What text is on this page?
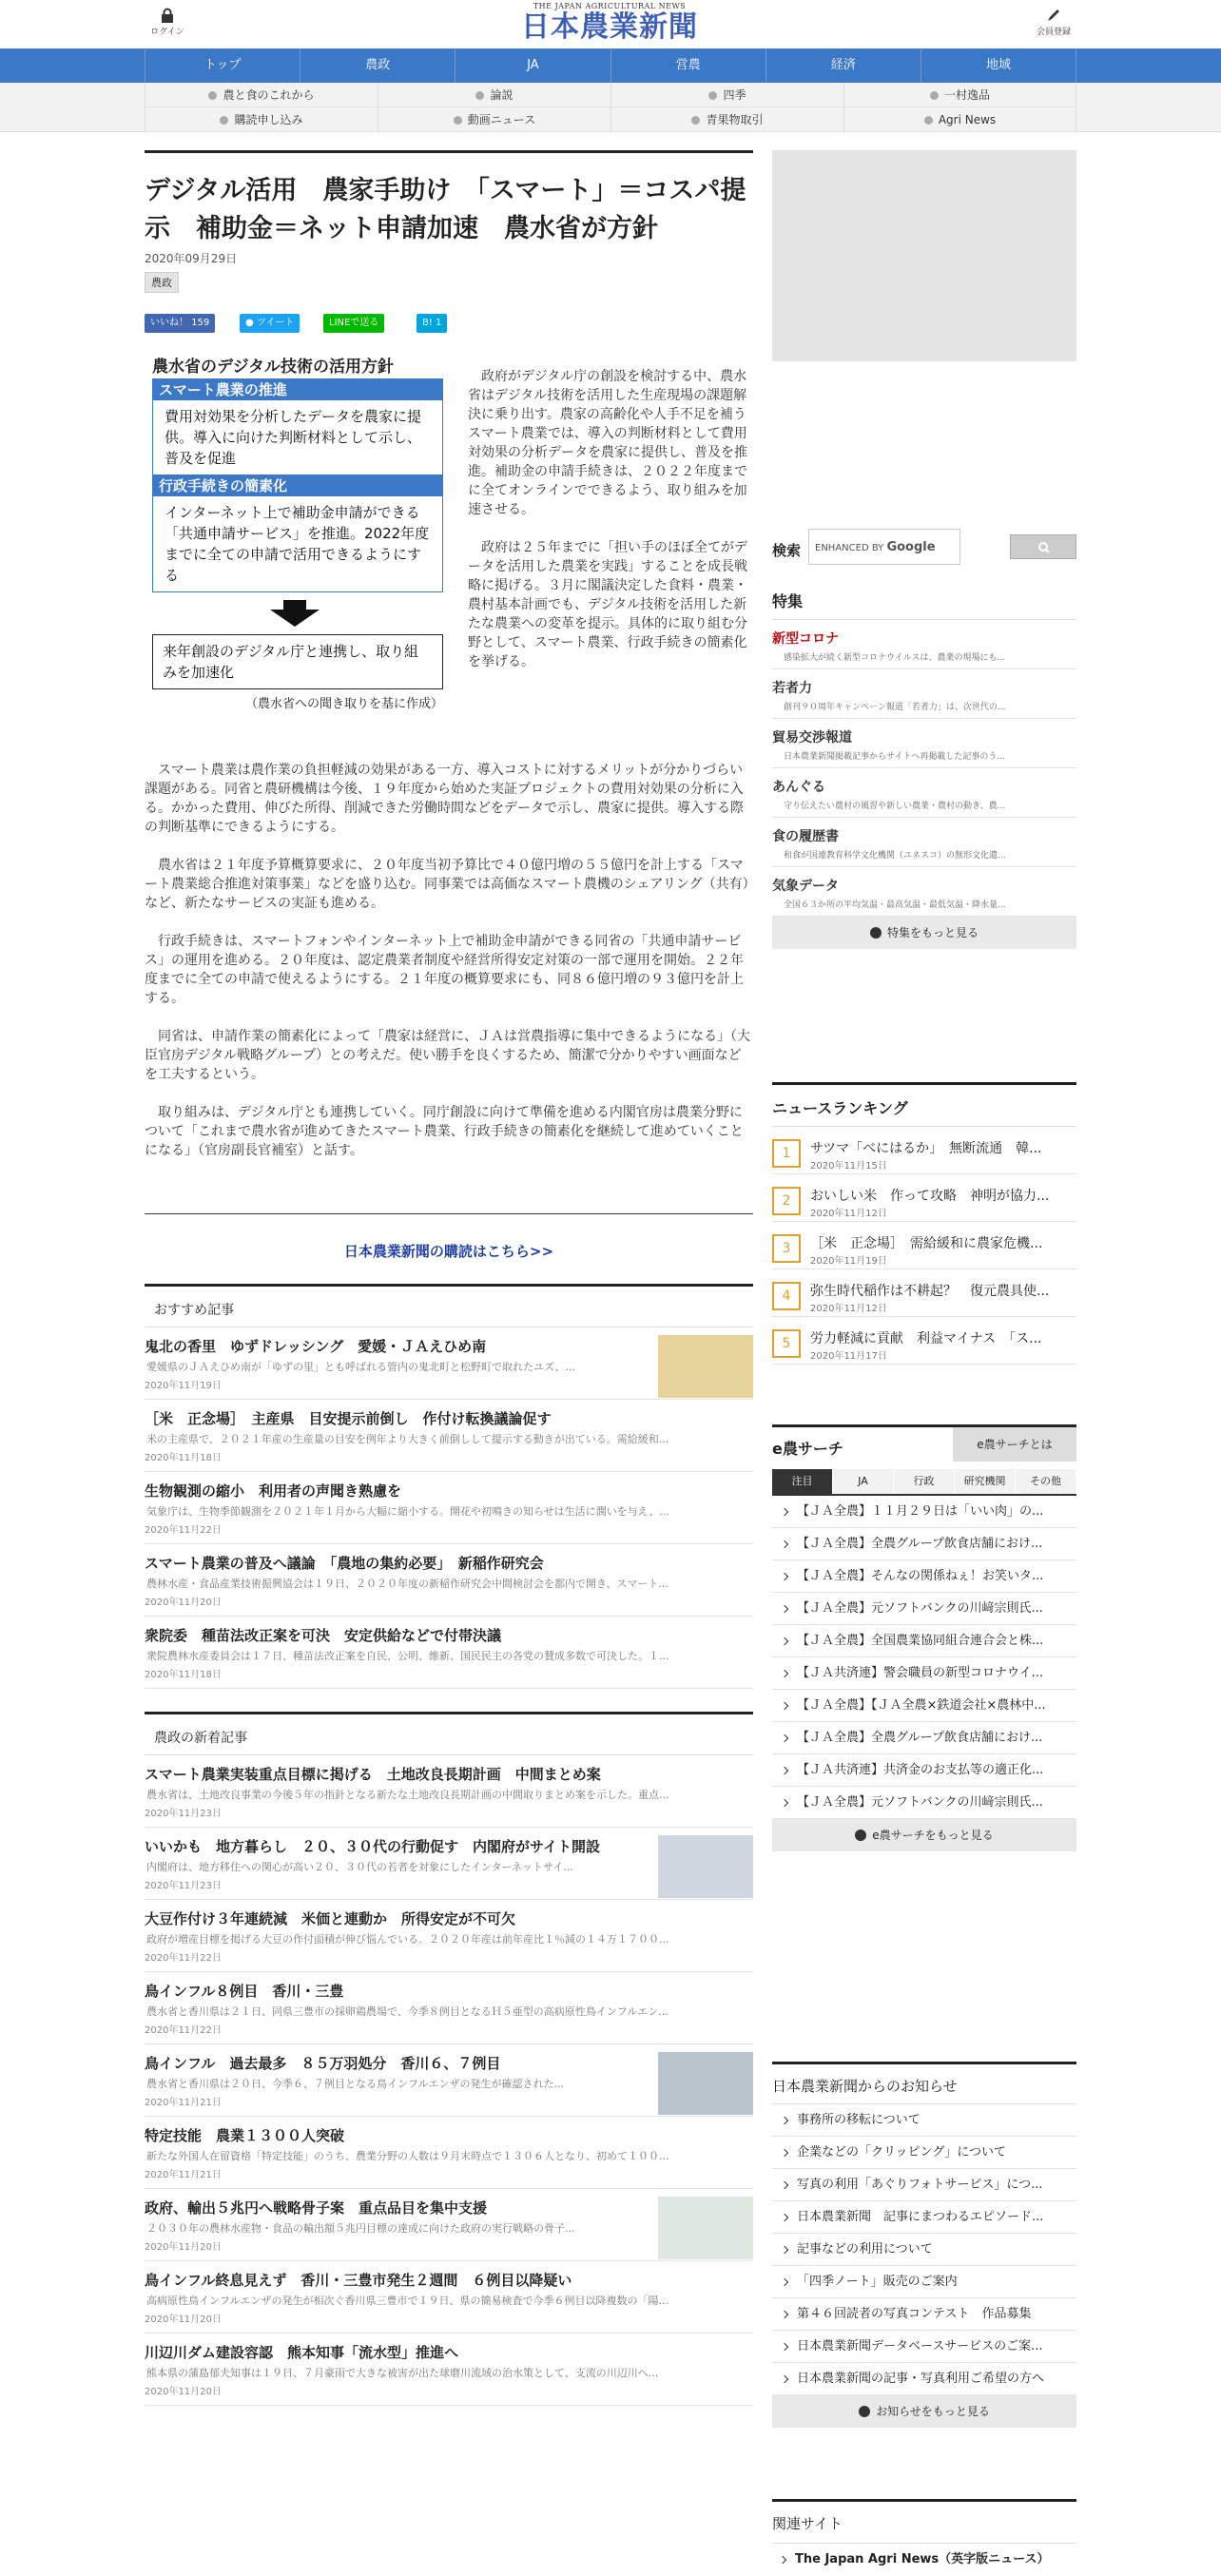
ログイン
THE JAPAN AGRICULTURAL NEWS
日本農業新聞	会員登録
トップ	農政	JA	営農	経済	地域
農と食のこれから	論説	四季	一村逸品
購読申し込み	動画ニュース	青果物取引	Agri News
デジタル活用　農家手助け　「スマート」＝コスパ提示　補助金＝ネット申請加速　農水省が方針
2020年09月29日
農政
いいね！ 159	● ツイート	LINEで送る	B! 1
農水省のデジタル技術の活用方針
スマート農業の推進
費用対効果を分析したデータを農家に提供。導入に向けた判断材料として示し、普及を促進
行政手続きの簡素化
インターネット上で補助金申請ができる「共通申請サービス」を推進。2022年度までに全ての申請で活用できるようにする
来年創設のデジタル庁と連携し、取り組みを加速化
（農水省への聞き取りを基に作成）

政府がデジタル庁の創設を検討する中、農水省はデジタル技術を活用した生産現場の課題解決に乗り出す。農家の高齢化や人手不足を補うスマート農業では、導入の判断材料として費用対効果の分析データを農家に提供し、普及を推進。補助金の申請手続きは、２０２２年度までに全てオンラインでできるよう、取り組みを加速させる。

政府は２５年までに「担い手のほぼ全てがデータを活用した農業を実践」することを成長戦略に掲げる。３月に閣議決定した食料・農業・農村基本計画でも、デジタル技術を活用した新たな農業への変革を提示。具体的に取り組む分野として、スマート農業、行政手続きの簡素化を挙げる。

スマート農業は農作業の負担軽減の効果がある一方、導入コストに対するメリットが分かりづらい課題がある。同省と農研機構は今後、１９年度から始めた実証プロジェクトの費用対効果の分析に入る。かかった費用、伸びた所得、削減できた労働時間などをデータで示し、農家に提供。導入する際の判断基準にできるようにする。

農水省は２１年度予算概算要求に、２０年度当初予算比で４０億円増の５５億円を計上する「スマート農業総合推進対策事業」などを盛り込む。同事業では高価なスマート農機のシェアリング（共有）など、新たなサービスの実証も進める。

行政手続きは、スマートフォンやインターネット上で補助金申請ができる同省の「共通申請サービス」の運用を進める。２０年度は、認定農業者制度や経営所得安定対策の一部で運用を開始。２２年度までに全ての申請で使えるようにする。２１年度の概算要求にも、同８６億円増の９３億円を計上する。

同省は、申請作業の簡素化によって「農家は経営に、ＪＡは営農指導に集中できるようになる」（大臣官房デジタル戦略グループ）との考えだ。使い勝手を良くするため、簡潔で分かりやすい画面などを工夫するという。

取り組みは、デジタル庁とも連携していく。同庁創設に向けて準備を進める内閣官房は農業分野について「これまで農水省が進めてきたスマート農業、行政手続きの簡素化を継続して進めていくことになる」（官房副長官補室）と話す。

日本農業新聞の購読はこちら>>
おすすめ記事
鬼北の香里　ゆずドレッシング　愛媛・ＪＡえひめ南
愛媛県のＪＡえひめ南が「ゆずの里」とも呼ばれる管内の鬼北町と松野町で取れたユズ、...
2020年11月19日
［米　正念場］　主産県　目安提示前倒し　作付け転換議論促す
米の主産県で、２０２１年産の生産量の目安を例年より大きく前倒しして提示する動きが出ている。需給緩和...
2020年11月18日
生物観測の縮小　利用者の声聞き熟慮を
気象庁は、生物季節観測を２０２１年１月から大幅に縮小する。開花や初鳴きの知らせは生活に潤いを与え、...
2020年11月22日
スマート農業の普及へ議論　「農地の集約必要」　新稲作研究会
農林水産・食品産業技術振興協会は１９日、２０２０年度の新稲作研究会中間検討会を都内で開き、スマート...
2020年11月20日
衆院委　種苗法改正案を可決　安定供給などで付帯決議
衆院農林水産委員会は１７日、種苗法改正案を自民、公明、維新、国民民主の各党の賛成多数で可決した。１...
2020年11月18日
農政の新着記事
スマート農業実装重点目標に掲げる　土地改良長期計画　中間まとめ案
農水省は、土地改良事業の今後５年の指針となる新たな土地改良長期計画の中間取りまとめ案を示した。重点...
2020年11月23日
いいかも　地方暮らし　２０、３０代の行動促す　内閣府がサイト開設
内閣府は、地方移住への関心が高い２０、３０代の若者を対象にしたインターネットサイ...
2020年11月23日
大豆作付け３年連続減　米価と連動か　所得安定が不可欠
政府が増産目標を掲げる大豆の作付面積が伸び悩んでいる。２０２０年産は前年産比１％減の１４万１７００...
2020年11月22日
鳥インフル８例目　香川・三豊
農水省と香川県は２１日、同県三豊市の採卵鶏農場で、今季８例目となるＨ５亜型の高病原性鳥インフルエン...
2020年11月22日
鳥インフル　過去最多　８５万羽処分　香川６、７例目
農水省と香川県は２０日、今季６、７例目となる鳥インフルエンザの発生が確認された...
2020年11月21日
特定技能　農業１３００人突破
新たな外国人在留資格「特定技能」のうち、農業分野の人数は９月末時点で１３０６人となり、初めて１００...
2020年11月21日
政府、輸出５兆円へ戦略骨子案　重点品目を集中支援
２０３０年の農林水産物・食品の輸出額５兆円目標の達成に向けた政府の実行戦略の骨子...
2020年11月20日
鳥インフル終息見えず　香川・三豊市発生２週間　６例目以降疑い
高病原性鳥インフルエンザの発生が相次ぐ香川県三豊市で１９日、県の簡易検査で今季６例目以降複数の「陽...
2020年11月20日
川辺川ダム建設容認　熊本知事「流水型」推進へ
熊本県の蒲島郁夫知事は１９日、７月豪雨で大きな被害が出た球磨川流域の治水策として、支流の川辺川へ...
2020年11月20日
検索	ENHANCED BY Google
特集
新型コロナ
感染拡大が続く新型コロナウイルスは、農業の現場にも...
若者力
創刊９０周年キャンペーン報道「若者力」は、次世代の...
貿易交渉報道
日本農業新聞掲載記事からサイトへ再掲載した記事のう...
あんぐる
守り伝えたい農村の風習や新しい農業・農村の動き、農...
食の履歴書
和食が国連教育科学文化機関（ユネスコ）の無形文化遺...
気象データ
全国６３か所の平均気温・最高気温・最低気温・降水量...
特集をもっと見る
ニュースランキング
1	サツマ「べにはるか」　無断流通　韓...
2020年11月15日
2	おいしい米　作って攻略　神明が協力...
2020年11月12日
3	［米　正念場］　需給緩和に農家危機...
2020年11月19日
4	弥生時代稲作は不耕起？　復元農具使...
2020年11月12日
5	労力軽減に貢献　利益マイナス　「ス...
2020年11月17日
e農サーチ	e農サーチとは
注目	JA	行政	研究機関	その他
【ＪＡ全農】１１月２９日は「いい肉」の...
【ＪＡ全農】全農グループ飲食店舗におけ...
【ＪＡ全農】そんなの関係ねぇ！お笑いタ...
【ＪＡ全農】元ソフトバンクの川﨑宗則氏...
【ＪＡ全農】全国農業協同組合連合会と株...
【ＪＡ共済連】警会職員の新型コロナウイ...
【ＪＡ全農】【ＪＡ全農×鉄道会社×農林中...
【ＪＡ全農】全農グループ飲食店舗におけ...
【ＪＡ共済連】共済金のお支払等の適正化...
【ＪＡ全農】元ソフトバンクの川﨑宗則氏...
e農サーチをもっと見る
日本農業新聞からのお知らせ
事務所の移転について
企業などの「クリッピング」について
写真の利用「あぐりフォトサービス」につ...
日本農業新聞　記事にまつわるエピソード...
記事などの利用について
「四季ノート」販売のご案内
第４６回読者の写真コンテスト　作品募集
日本農業新聞データベースサービスのご案...
日本農業新聞の記事・写真利用ご希望の方へ
お知らせをもっと見る
関連サイト
The Japan Agri News（英字版ニュース）
